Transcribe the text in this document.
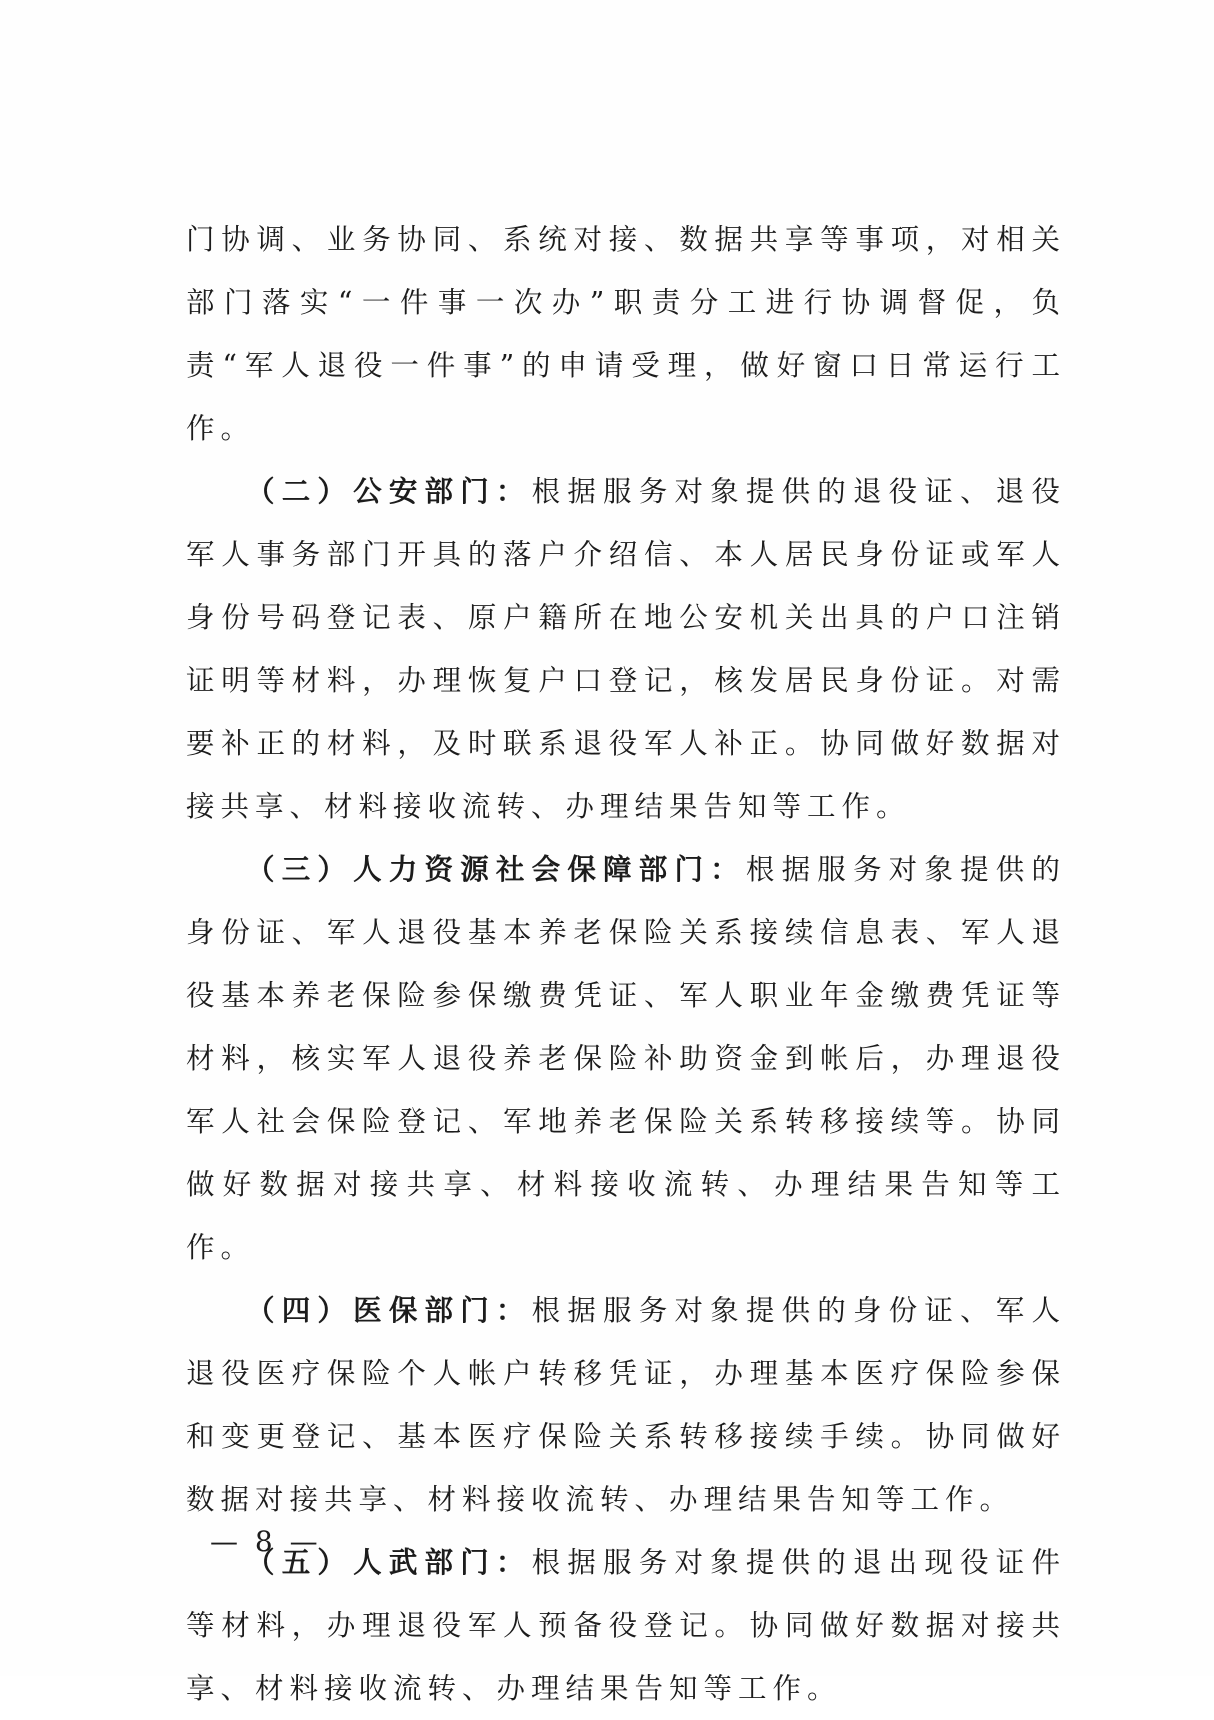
门协调、业务协同、系统对接、数据共享等事项，对相关部门落实“一件事一次办”职责分工进行协调督促，负责“军人退役一件事”的申请受理，做好窗口日常运行工作。

（二）公安部门：根据服务对象提供的退役证、退役军人事务部门开具的落户介绍信、本人居民身份证或军人身份号码登记表、原户籍所在地公安机关出具的户口注销证明等材料，办理恢复户口登记，核发居民身份证。对需要补正的材料，及时联系退役军人补正。协同做好数据对接共享、材料接收流转、办理结果告知等工作。

（三）人力资源社会保障部门：根据服务对象提供的身份证、军人退役基本养老保险关系接续信息表、军人退役基本养老保险参保缴费凭证、军人职业年金缴费凭证等材料，核实军人退役养老保险补助资金到帐后，办理退役军人社会保险登记、军地养老保险关系转移接续等。协同做好数据对接共享、材料接收流转、办理结果告知等工作。

（四）医保部门：根据服务对象提供的身份证、军人退役医疗保险个人帐户转移凭证，办理基本医疗保险参保和变更登记、基本医疗保险关系转移接续手续。协同做好数据对接共享、材料接收流转、办理结果告知等工作。

（五）人武部门：根据服务对象提供的退出现役证件等材料，办理退役军人预备役登记。协同做好数据对接共享、材料接收流转、办理结果告知等工作。

— 8 —
